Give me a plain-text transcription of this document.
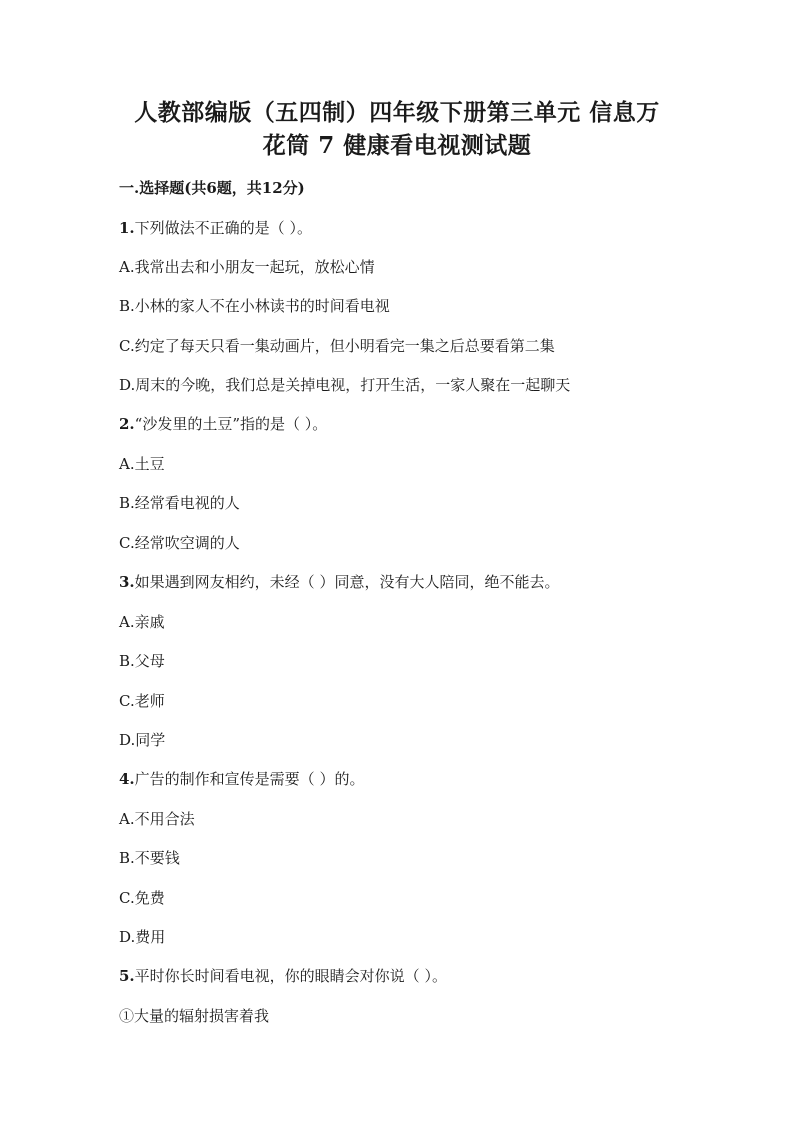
人教部编版（五四制）四年级下册第三单元 信息万
花筒 7 健康看电视测试题
一.选择题(共6题，共12分)
1.下列做法不正确的是（ ）。
A.我常出去和小朋友一起玩，放松心情
B.小林的家人不在小林读书的时间看电视
C.约定了每天只看一集动画片，但小明看完一集之后总要看第二集
D.周末的今晚，我们总是关掉电视，打开生活，一家人聚在一起聊天
2.“沙发里的土豆”指的是（ ）。
A.土豆
B.经常看电视的人
C.经常吹空调的人
3.如果遇到网友相约，未经（ ）同意，没有大人陪同，绝不能去。
A.亲戚
B.父母
C.老师
D.同学
4.广告的制作和宣传是需要（ ）的。
A.不用合法
B.不要钱
C.免费
D.费用
5.平时你长时间看电视，你的眼睛会对你说（ ）。
①大量的辐射损害着我
